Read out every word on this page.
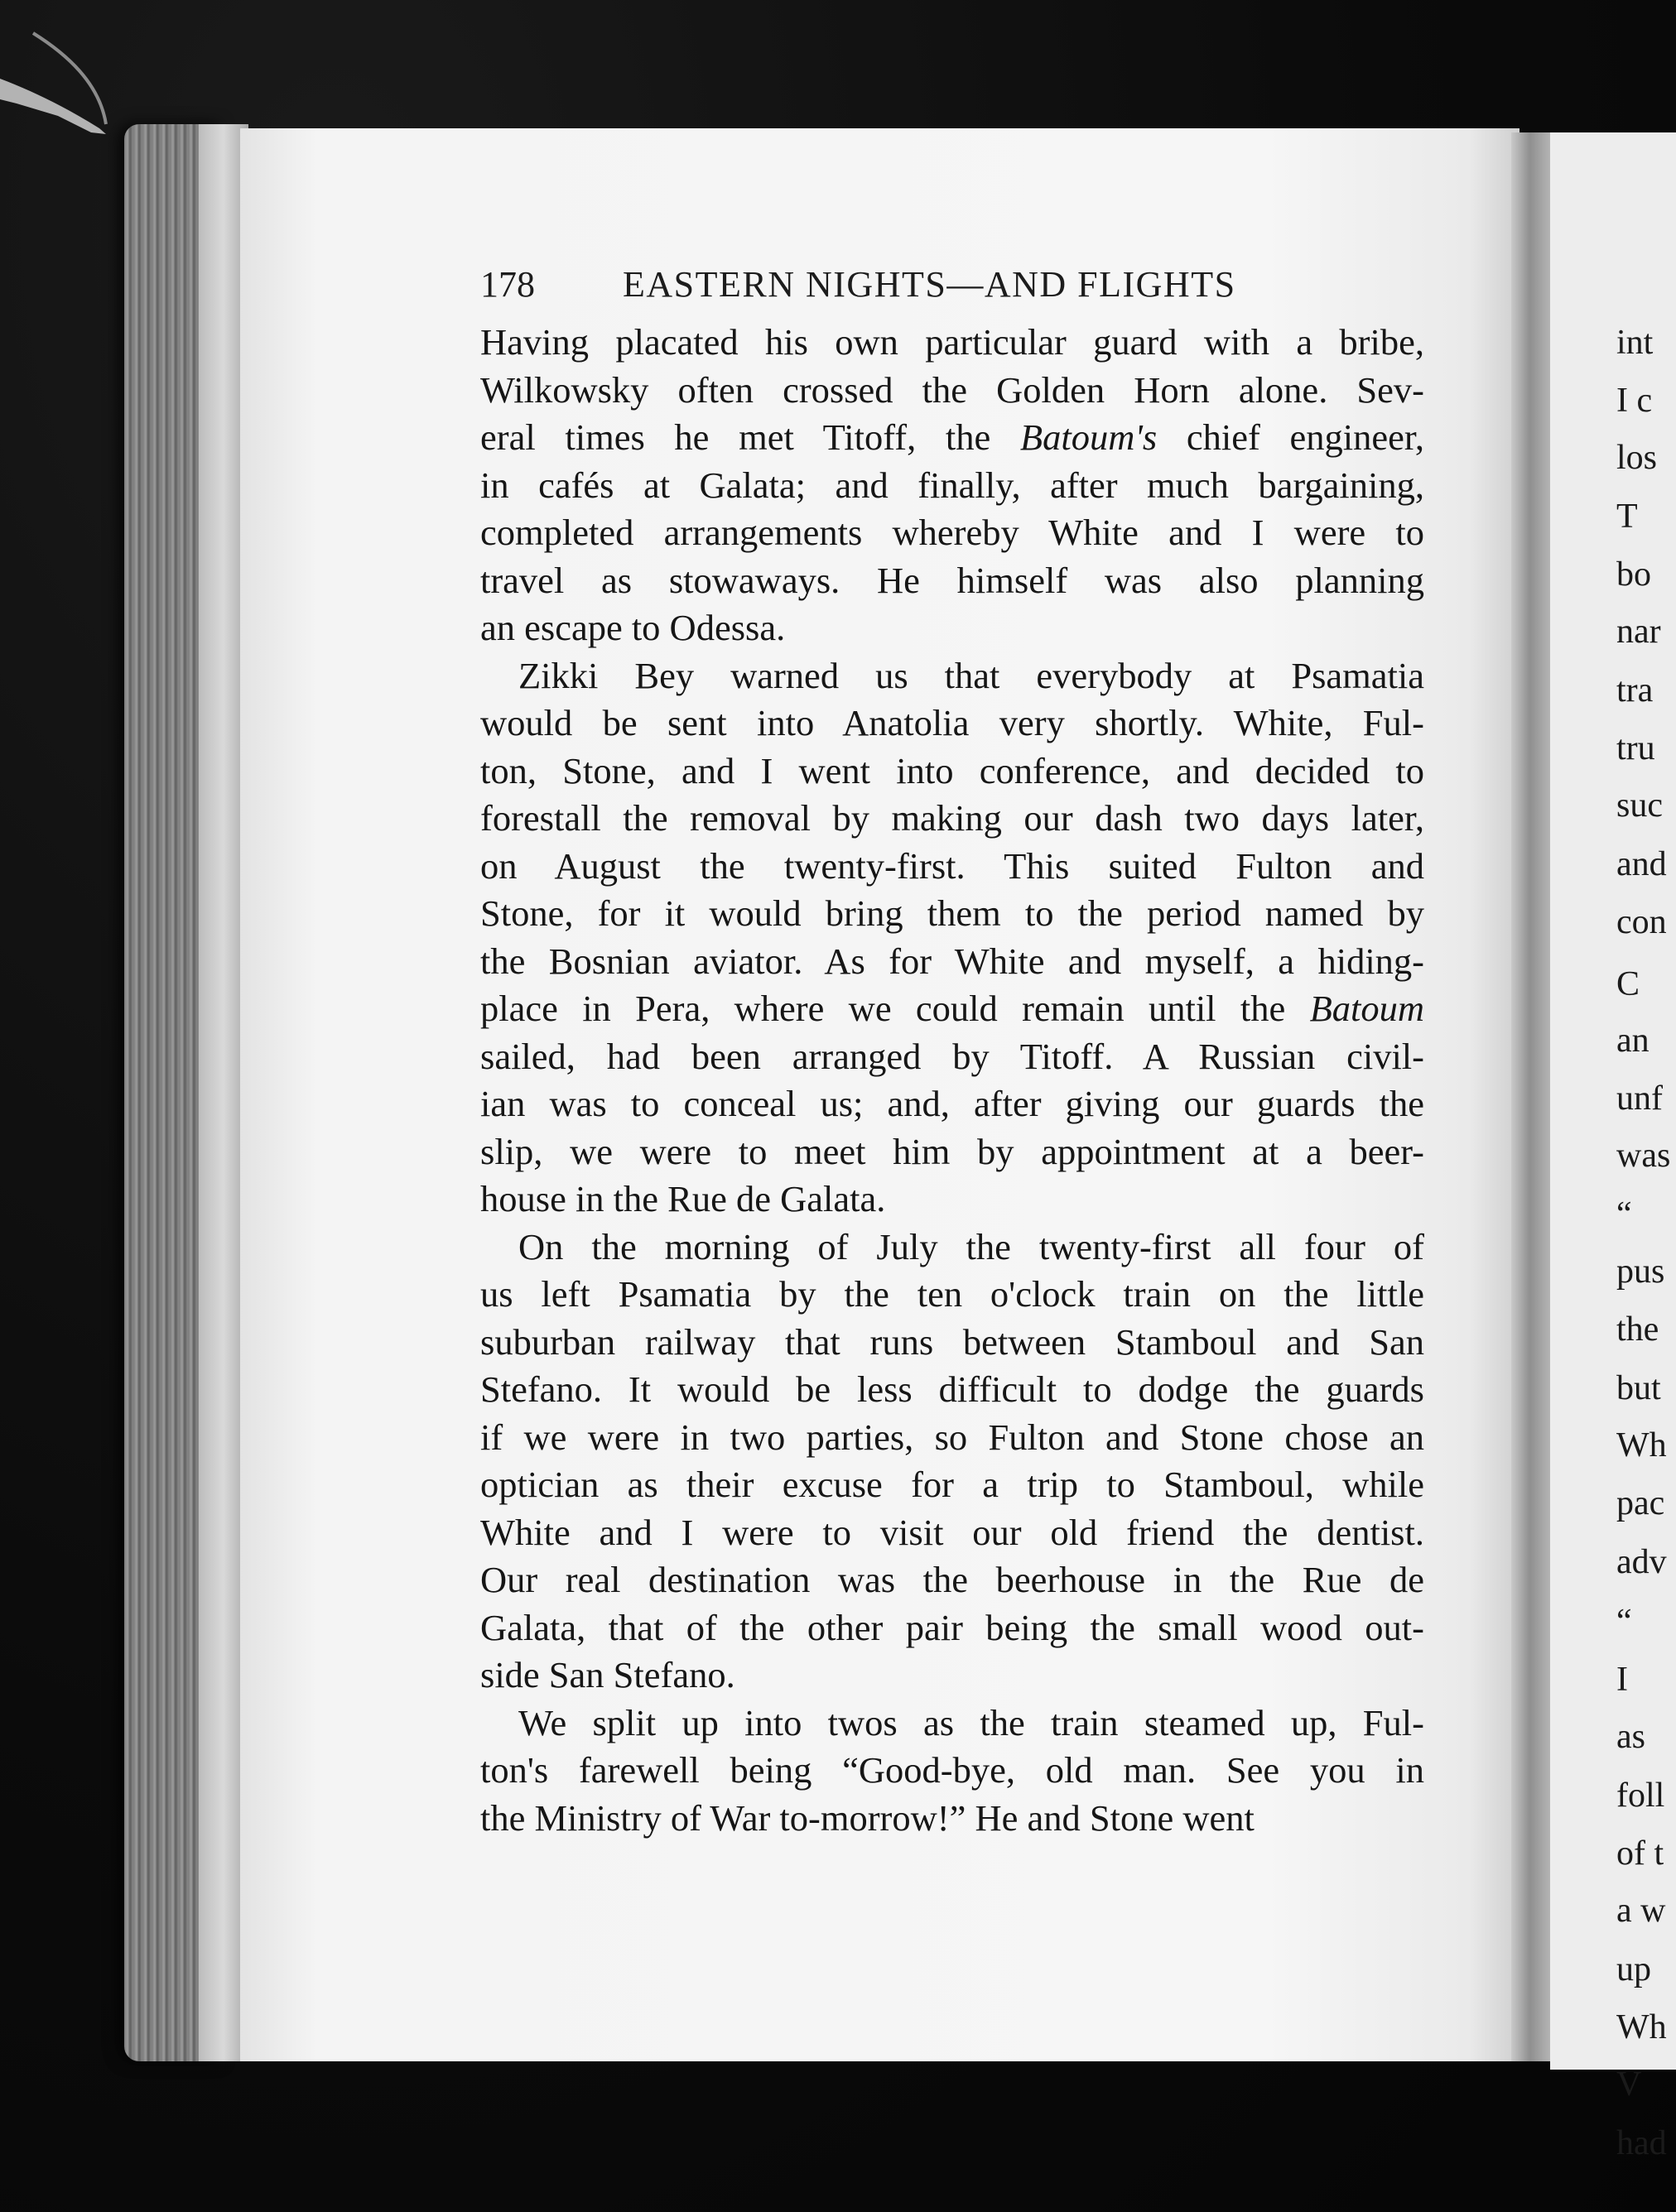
int
I c
los
T
bo
nar
tra
tru
suc
and
con
C
an
unf
was
“
pus
the
but
Wh
pac
adv
“
I
as
foll
of t
a w
up
Wh
V
had
178 EASTERN NIGHTS—AND FLIGHTS
Having placated his own particular guard with a bribe,
Wilkowsky often crossed the Golden Horn alone. Sev-
eral times he met Titoff, the Batoum's chief engineer,
in cafés at Galata; and finally, after much bargaining,
completed arrangements whereby White and I were to
travel as stowaways. He himself was also planning
an escape to Odessa.
Zikki Bey warned us that everybody at Psamatia
would be sent into Anatolia very shortly. White, Ful-
ton, Stone, and I went into conference, and decided to
forestall the removal by making our dash two days later,
on August the twenty-first. This suited Fulton and
Stone, for it would bring them to the period named by
the Bosnian aviator. As for White and myself, a hiding-
place in Pera, where we could remain until the Batoum
sailed, had been arranged by Titoff. A Russian civil-
ian was to conceal us; and, after giving our guards the
slip, we were to meet him by appointment at a beer-
house in the Rue de Galata.
On the morning of July the twenty-first all four of
us left Psamatia by the ten o'clock train on the little
suburban railway that runs between Stamboul and San
Stefano. It would be less difficult to dodge the guards
if we were in two parties, so Fulton and Stone chose an
optician as their excuse for a trip to Stamboul, while
White and I were to visit our old friend the dentist.
Our real destination was the beerhouse in the Rue de
Galata, that of the other pair being the small wood out-
side San Stefano.
We split up into twos as the train steamed up, Ful-
ton's farewell being “Good-bye, old man. See you in
the Ministry of War to-morrow!” He and Stone went
